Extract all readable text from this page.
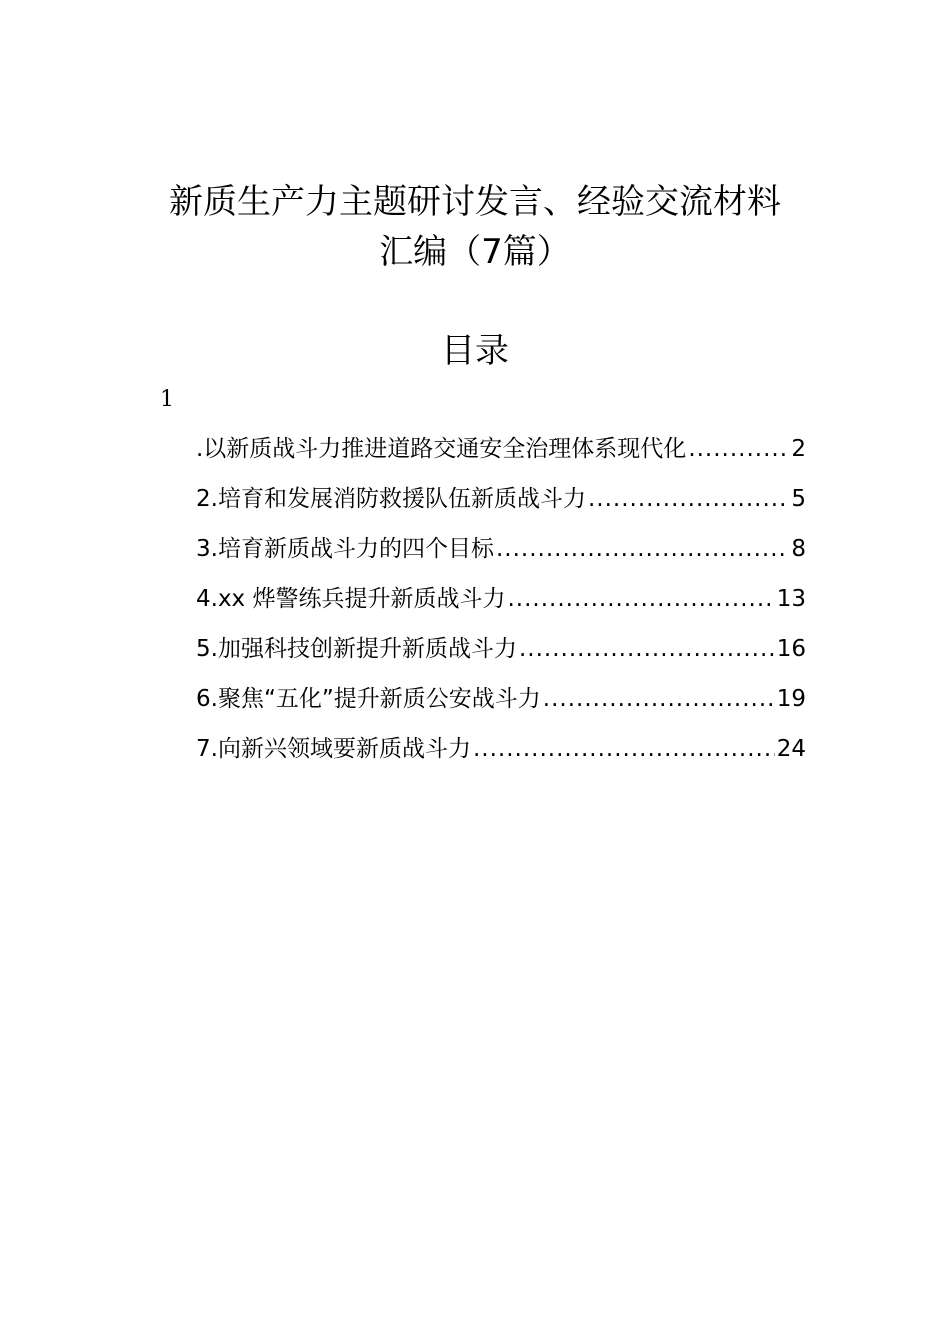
新质生产力主题研讨发言、经验交流材料
汇编（7篇）
目录
1
.以新质战斗力推进道路交通安全治理体系现代化 .....	2
2.培育和发展消防救援队伍新质战斗力 .....	5
3.培育新质战斗力的四个目标 .....	8
4.xx 烨警练兵提升新质战斗力 .....	13
5.加强科技创新提升新质战斗力 .....	16
6.聚焦“五化”提升新质公安战斗力 .....	19
7.向新兴领域要新质战斗力 .....	24
